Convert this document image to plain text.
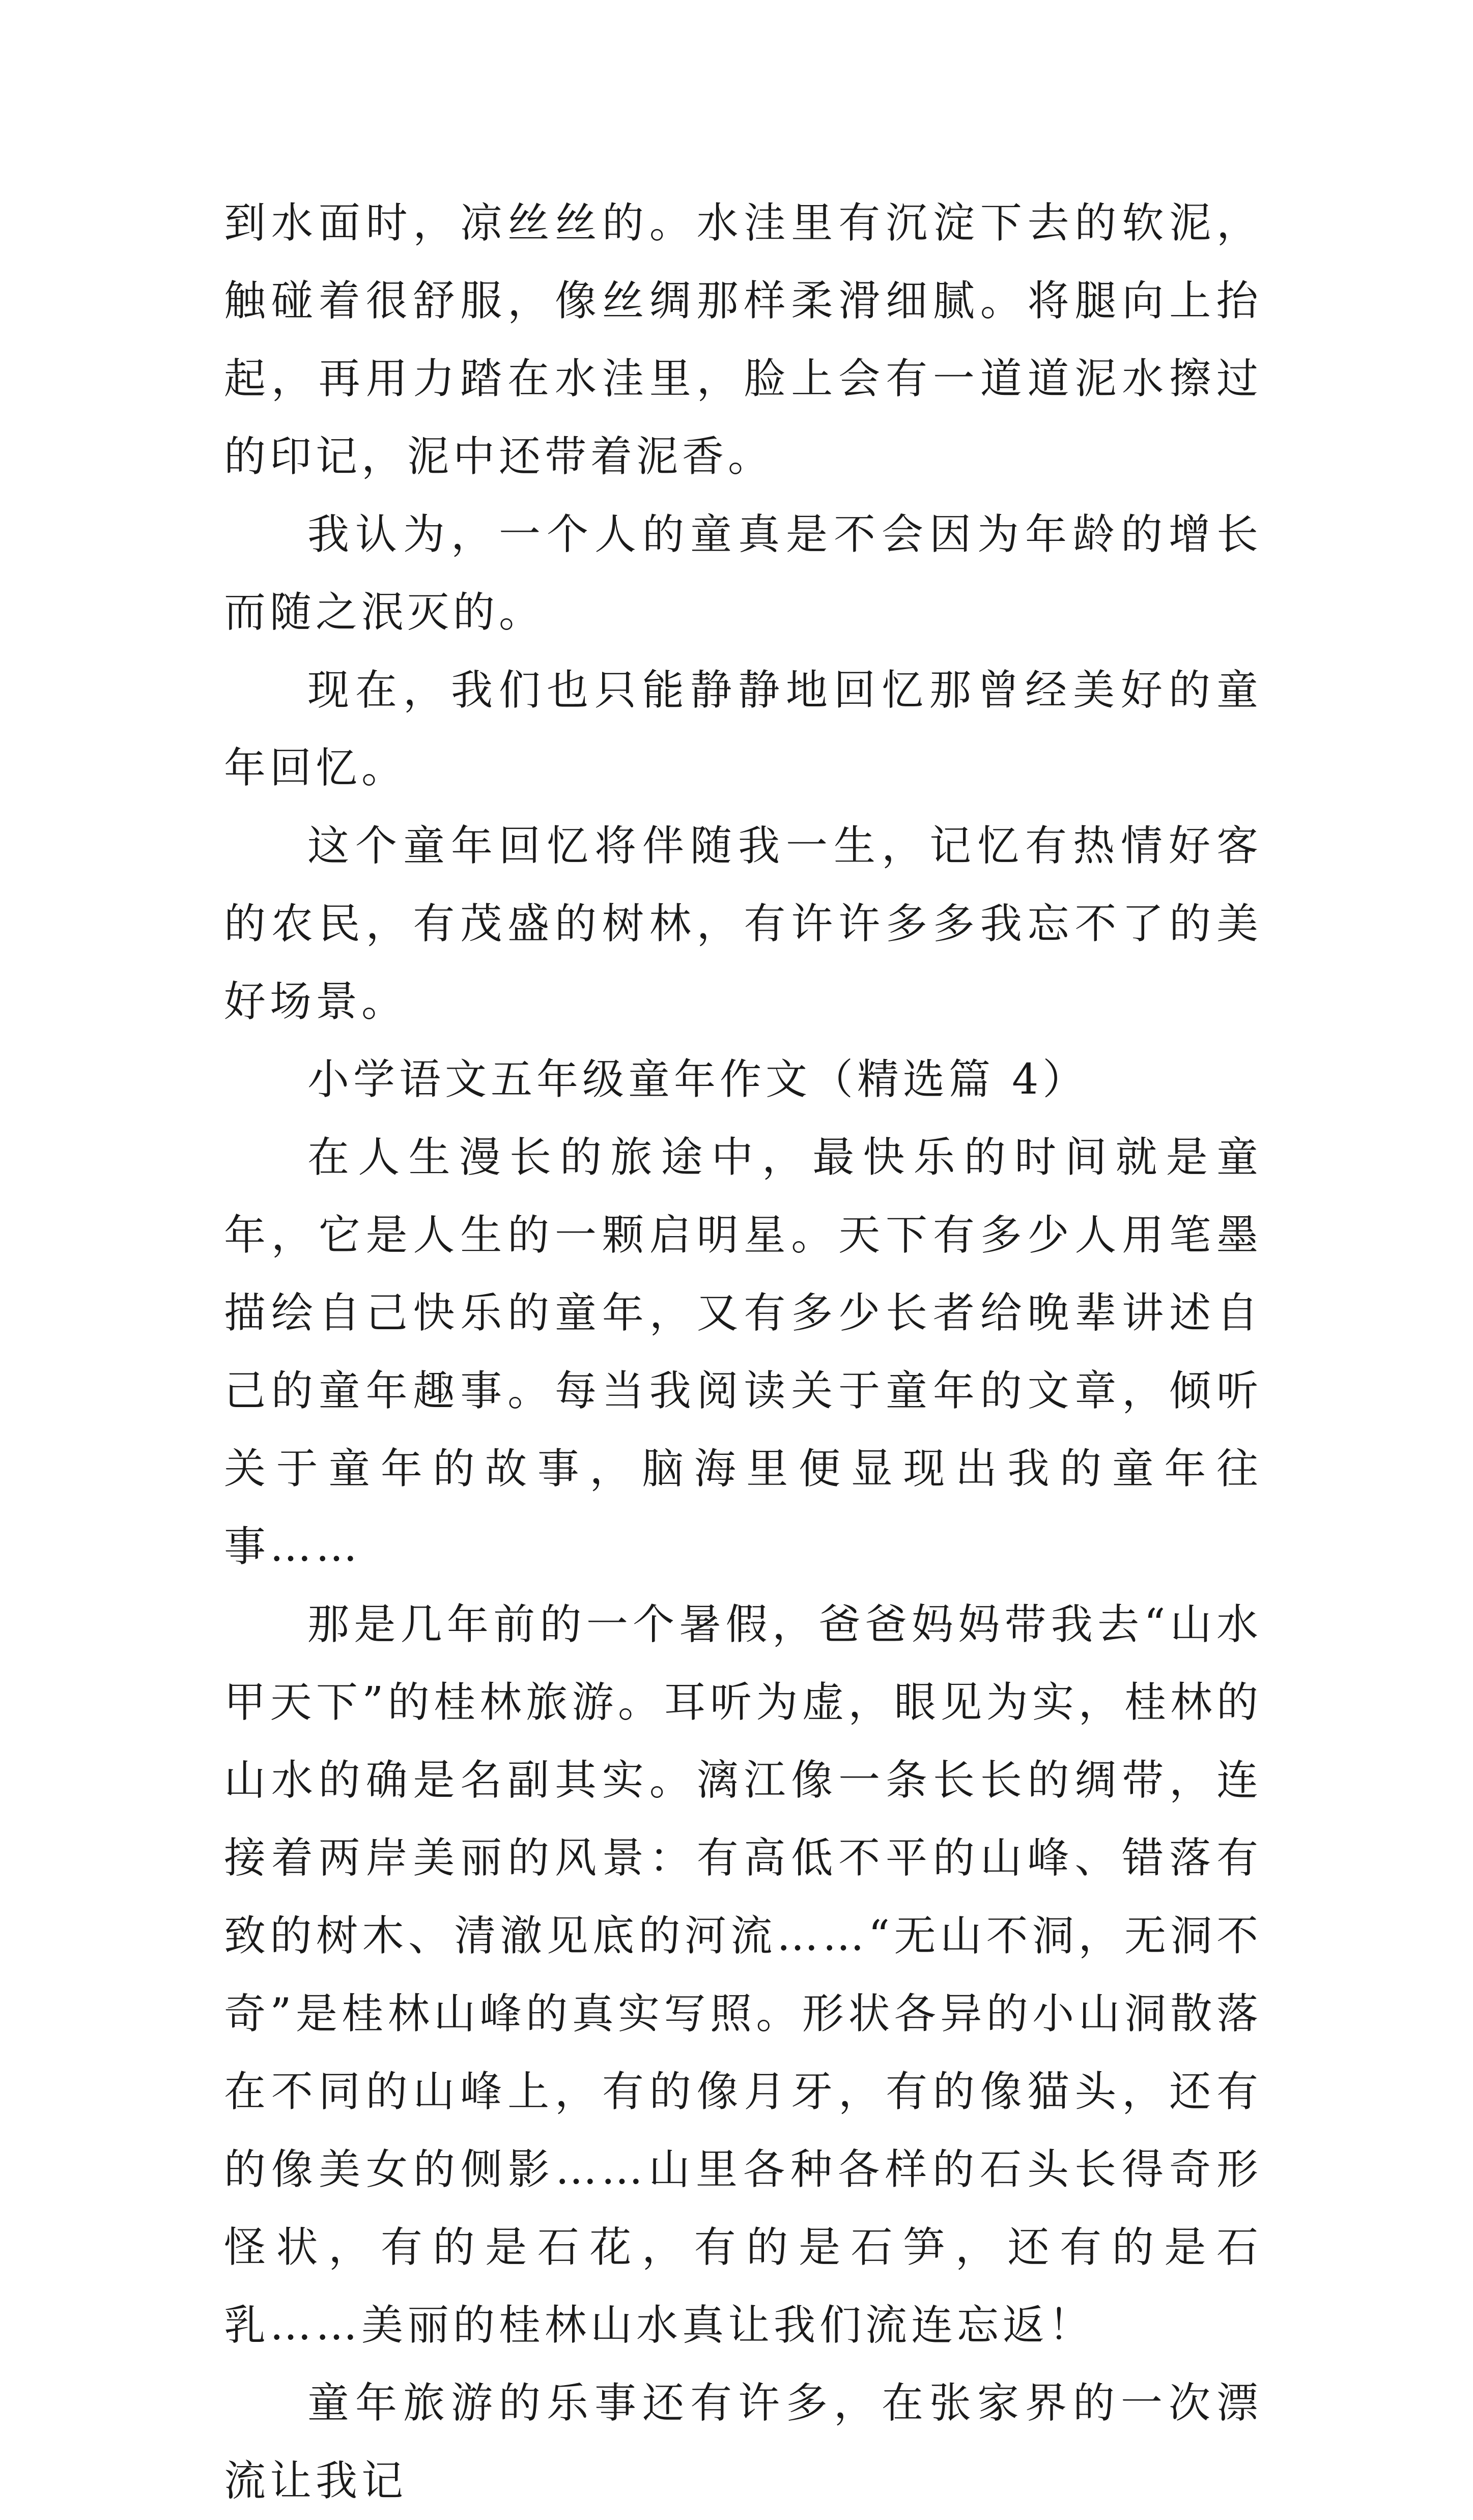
到水面时，凉丝丝的。水洼里有沉淀下去的软泥，触碰着很舒服，像丝绸那样柔滑细腻。将腿向上抬起，再用力踏在水洼里，脸上会有一道道泥水擦过的印记，泥中还带着泥香。

我认为，一个人的童真是不会因为年龄的增长而随之泯灭的。

现在，我们也只能静静地回忆那曾经美好的童年回忆。

这个童年回忆将伴随我一生，记忆有热情好客的农民，有茂盛的树林，有许许多多我忘不了的美好场景。

小学语文五年级童年作文（精选篇 4）

在人生漫长的旅途中，最快乐的时间就是童年，它是人生的一颗启明星。天下有多少人用笔墨描绘自己快乐的童年，又有多少长者给晚辈讲述自己的童年趣事。每当我阅读关于童年的文章，倾听关于童年的故事，脑海里便显现出我的童年往事……

那是几年前的一个暑假，爸爸妈妈带我去“山水甲天下”的桂林旅游。耳听为虚，眼见为实，桂林的山水的确是名副其实。漓江像一条长长的绸带，连接着两岸美丽的风景：有高低不平的山峰、错落有致的树木、清澈见底的河流……“无山不洞，无洞不奇”是桂林山峰的真实写照。形状各异的小山洞散落在不同的山峰上，有的像月牙，有的像猫头，还有的像美女的侧影……山里各种各样的石头长得奇形怪状，有的是石花，有的是石笋，还有的是石乳……美丽的桂林山水真让我们流连忘返！

童年旅游的乐事还有许多，在张家界的一次漂流让我记
